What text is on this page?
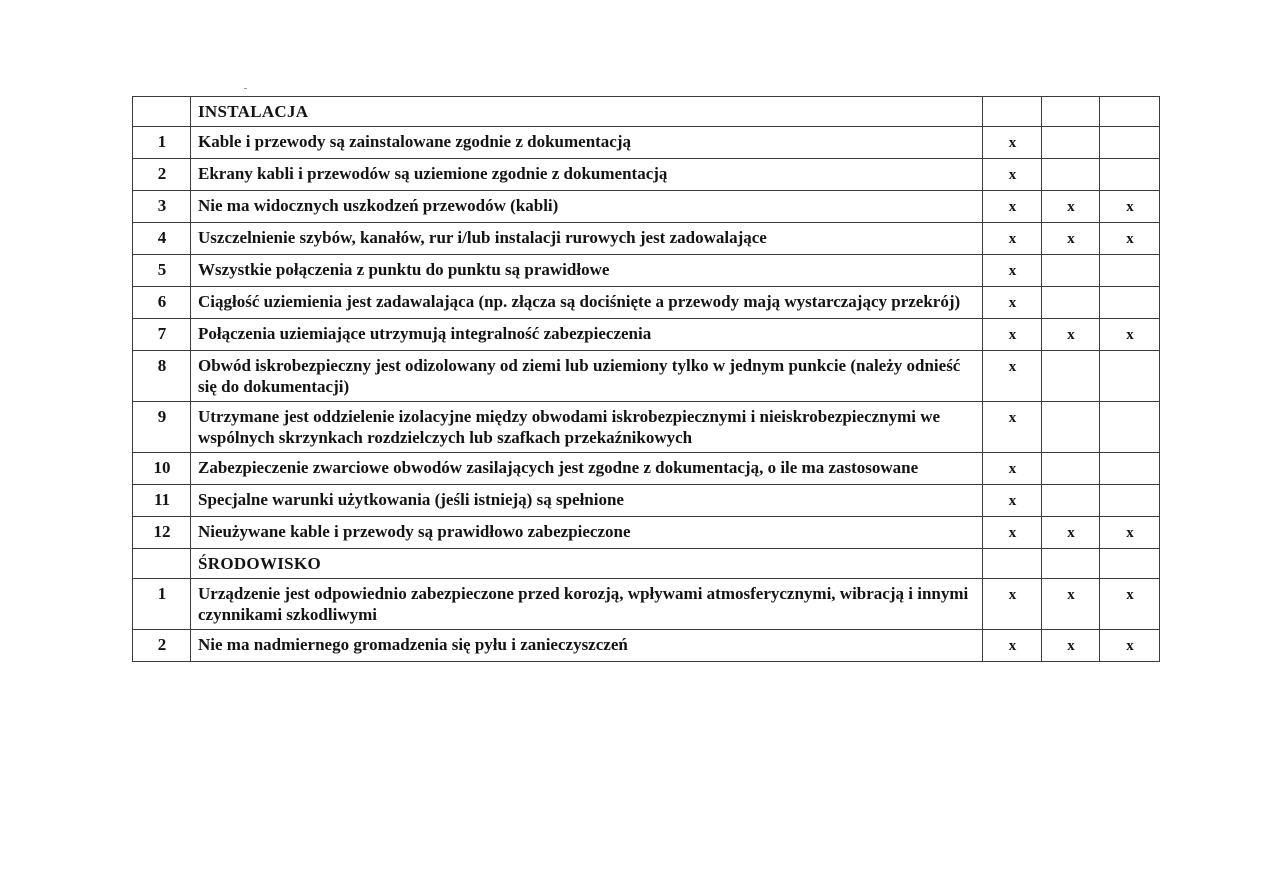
	INSTALACJA			
1	Kable i przewody są zainstalowane zgodnie z dokumentacją	x		
2	Ekrany kabli i przewodów są uziemione zgodnie z dokumentacją	x		
3	Nie ma widocznych uszkodzeń przewodów (kabli)	x	x	x
4	Uszczelnienie szybów, kanałów, rur i/lub instalacji rurowych jest zadowalające	x	x	x
5	Wszystkie połączenia z punktu do punktu są prawidłowe	x		
6	Ciągłość uziemienia jest zadawalająca (np. złącza są dociśnięte a przewody mają wystarczający przekrój)	x		
7	Połączenia uziemiające utrzymują integralność zabezpieczenia	x	x	x
8	Obwód iskrobezpieczny jest odizolowany od ziemi lub uziemiony tylko w jednym punkcie (należy odnieść się do dokumentacji)	x		
9	Utrzymane jest oddzielenie izolacyjne między obwodami iskrobezpiecznymi i nieiskrobezpiecznymi we wspólnych skrzynkach rozdzielczych lub szafkach przekaźnikowych	x		
10	Zabezpieczenie zwarciowe obwodów zasilających jest zgodne z dokumentacją, o ile ma zastosowane	x		
11	Specjalne warunki użytkowania (jeśli istnieją) są spełnione	x		
12	Nieużywane kable i przewody są prawidłowo zabezpieczone	x	x	x
	ŚRODOWISKO			
1	Urządzenie jest odpowiednio zabezpieczone przed korozją, wpływami atmosferycznymi, wibracją i innymi czynnikami szkodliwymi	x	x	x
2	Nie ma nadmiernego gromadzenia się pyłu i zanieczyszczeń	x	x	x
